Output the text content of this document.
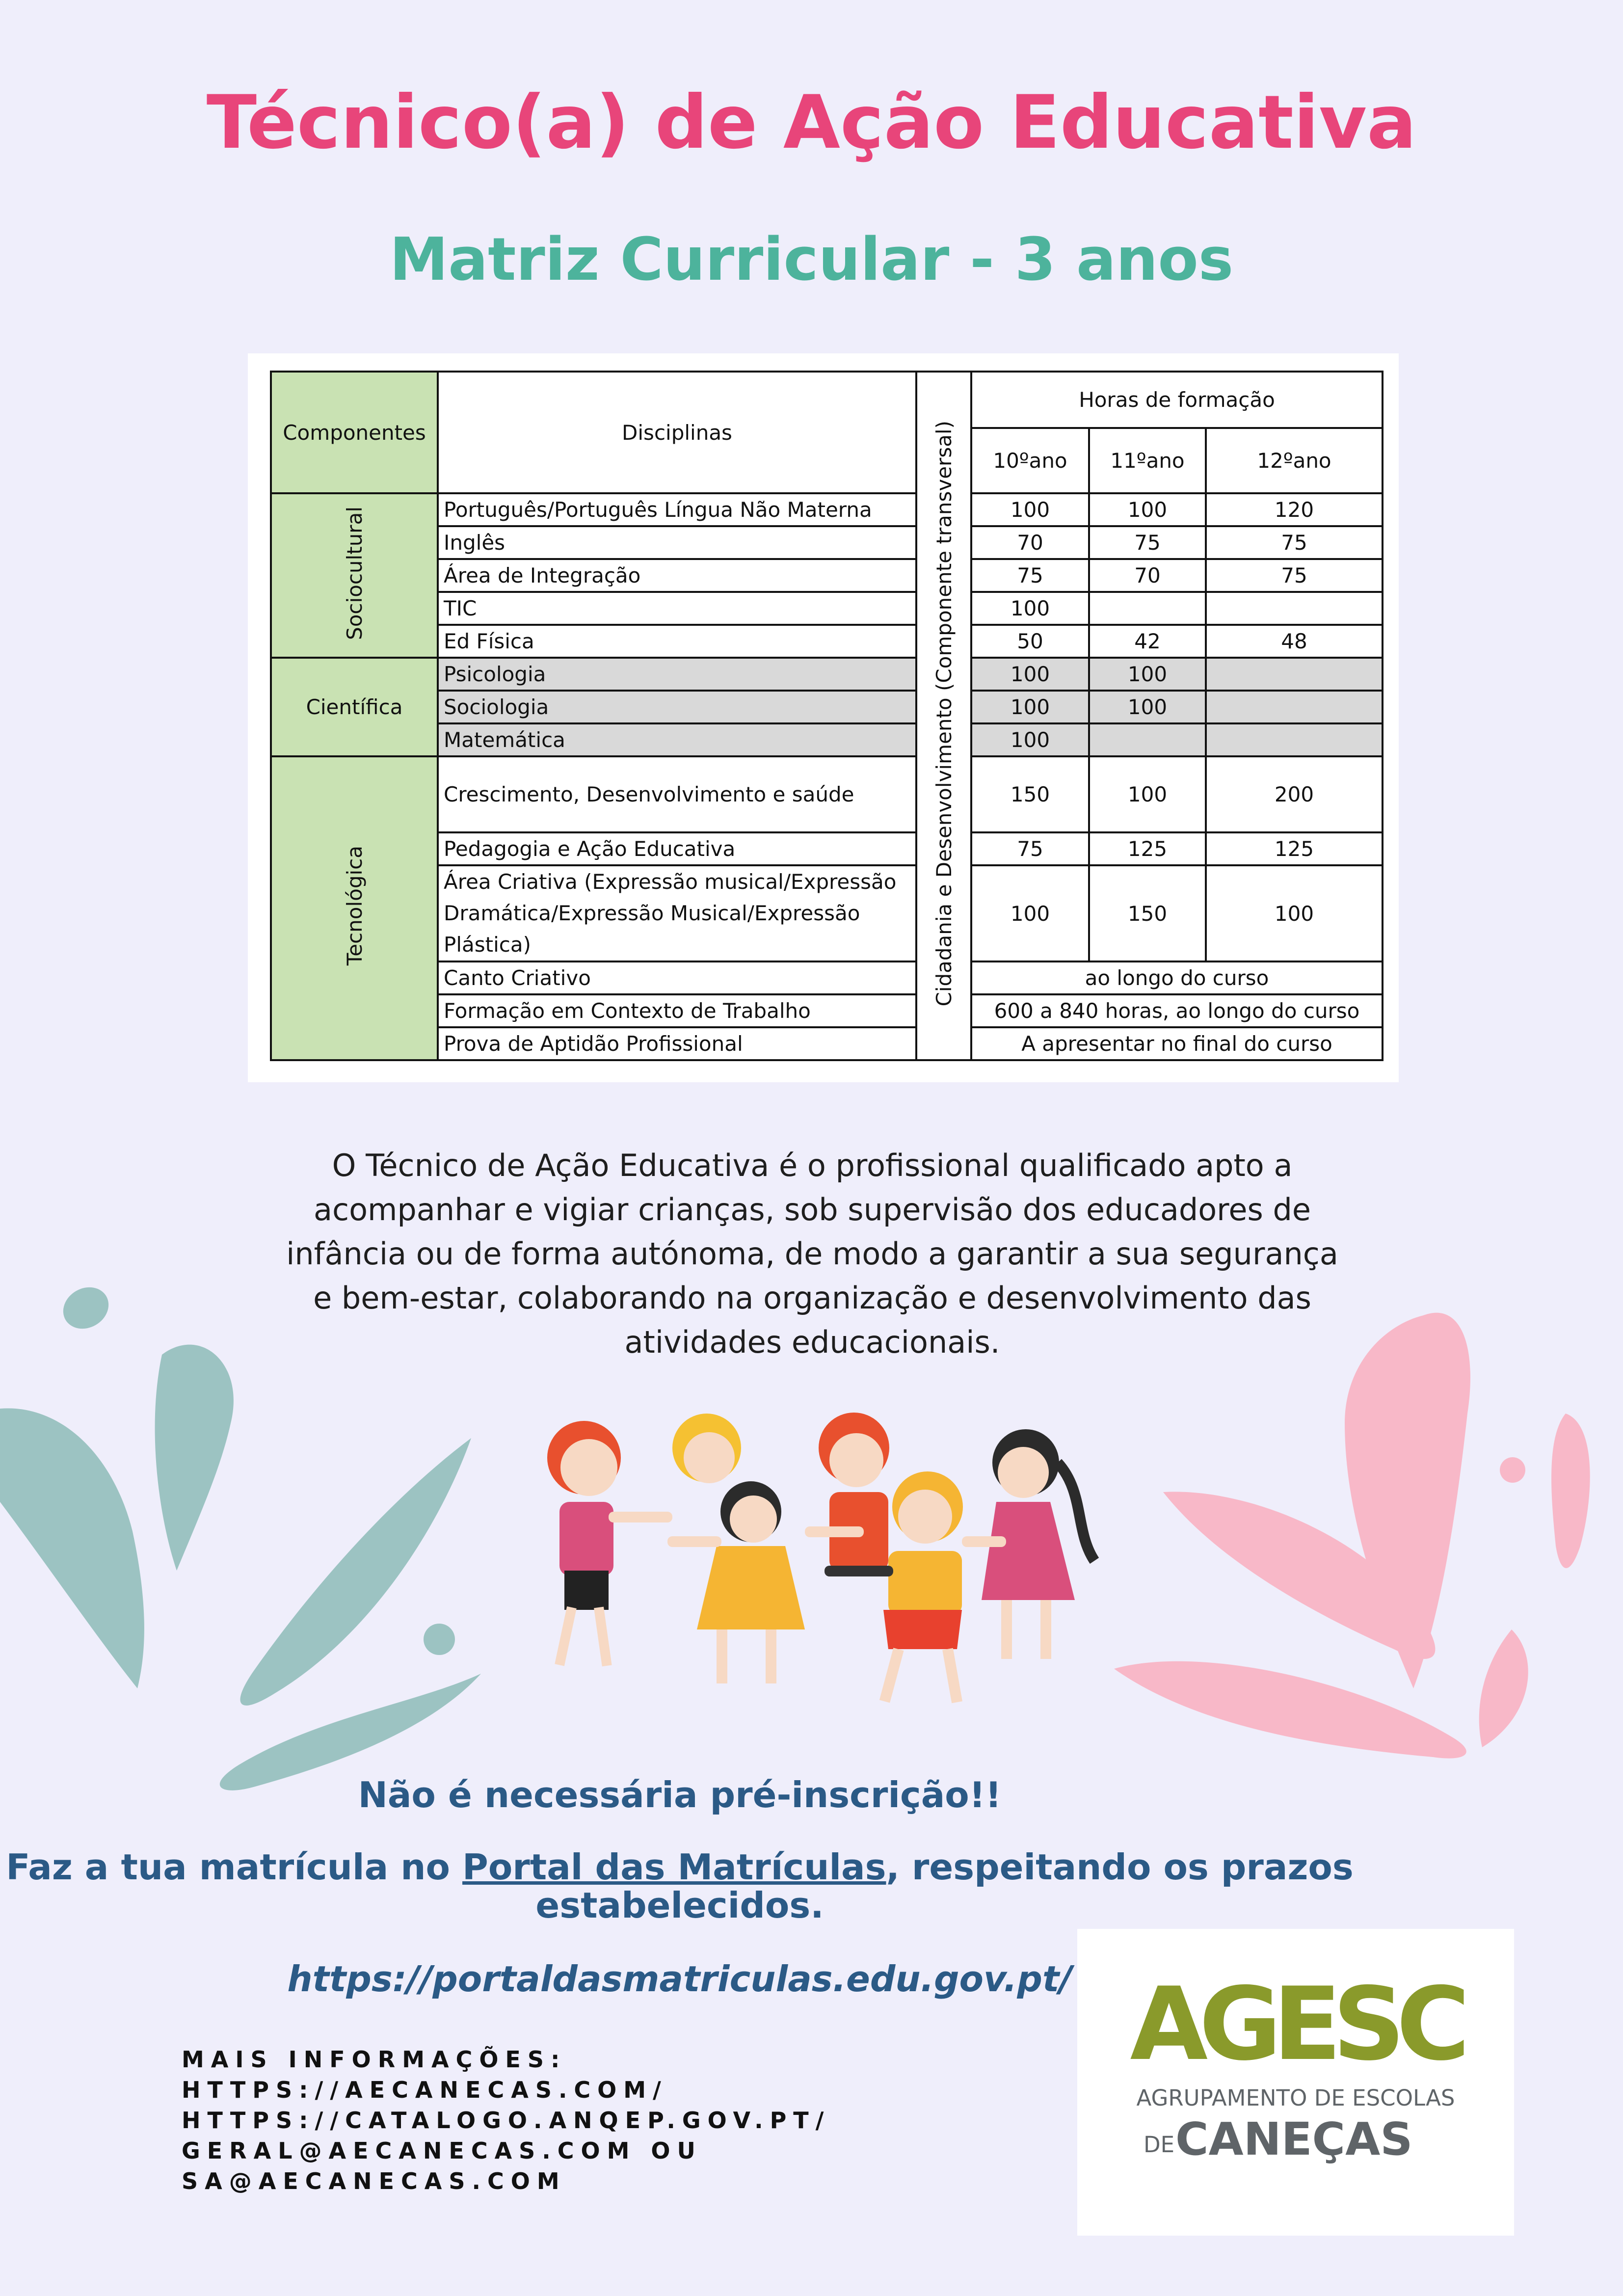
Técnico(a) de Ação Educativa
Matriz Curricular - 3 anos
Componentes	Disciplinas	Cidadania e Desenvolvimento (Componente transversal)	Horas de formação		
			10ºano	11ºano	12ºano
Sociocultural	Português/Português Língua Não Materna		100	100	120
	Inglês		70	75	75
	Área de Integração		75	70	75
	TIC		100		
	Ed Física		50	42	48
Científica	Psicologia		100	100	
	Sociologia		100	100	
	Matemática		100		
Tecnológica	Crescimento, Desenvolvimento e saúde		150	100	200
	Pedagogia e Ação Educativa		75	125	125
	Área Criativa (Expressão musical/Expressão Dramática/Expressão Musical/Expressão Plástica)		100	150	100
	Canto Criativo		ao longo do curso		
	Formação em Contexto de Trabalho		600 a 840 horas, ao longo do curso		
	Prova de Aptidão Profissional		A apresentar no final do curso		
O Técnico de Ação Educativa é o profissional qualificado apto a acompanhar e vigiar crianças, sob supervisão dos educadores de infância ou de forma autónoma, de modo a garantir a sua segurança e bem-estar, colaborando na organização e desenvolvimento das atividades educacionais.
Não é necessária pré-inscrição!!
Faz a tua matrícula no Portal das Matrículas, respeitando os prazos estabelecidos.
https://portaldasmatriculas.edu.gov.pt/
MAIS INFORMAÇÕES:
HTTPS://AECANECAS.COM/
HTTPS://CATALOGO.ANQEP.GOV.PT/
GERAL@AECANECAS.COM OU
SA@AECANECAS.COM
AGESC
AGRUPAMENTO DE ESCOLAS
DE CANEÇAS
